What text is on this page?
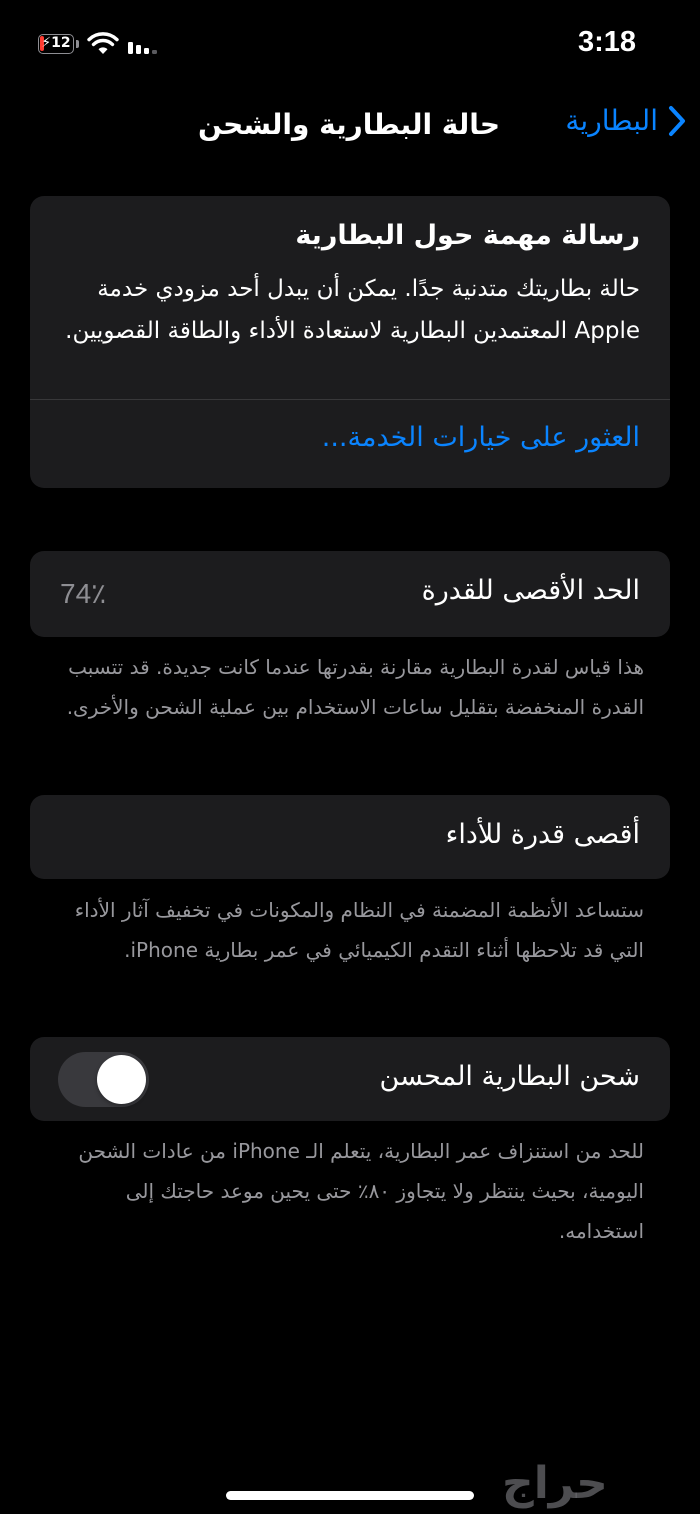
⚡12	3:18
البطارية
حالة البطارية والشحن
رسالة مهمة حول البطارية
حالة بطاريتك متدنية جدًا. يمكن أن يبدل أحد مزودي خدمة Apple المعتمدين البطارية لاستعادة الأداء والطاقة القصويين.
العثور على خيارات الخدمة...
الحد الأقصى للقدرة
74٪
هذا قياس لقدرة البطارية مقارنة بقدرتها عندما كانت جديدة. قد تتسبب القدرة المنخفضة بتقليل ساعات الاستخدام بين عملية الشحن والأخرى.
أقصى قدرة للأداء
ستساعد الأنظمة المضمنة في النظام والمكونات في تخفيف آثار الأداء التي قد تلاحظها أثناء التقدم الكيميائي في عمر بطارية iPhone.
شحن البطارية المحسن
للحد من استنزاف عمر البطارية، يتعلم الـ iPhone من عادات الشحن اليومية، بحيث ينتظر ولا يتجاوز ٨٠٪ حتى يحين موعد حاجتك إلى استخدامه.
حراج
